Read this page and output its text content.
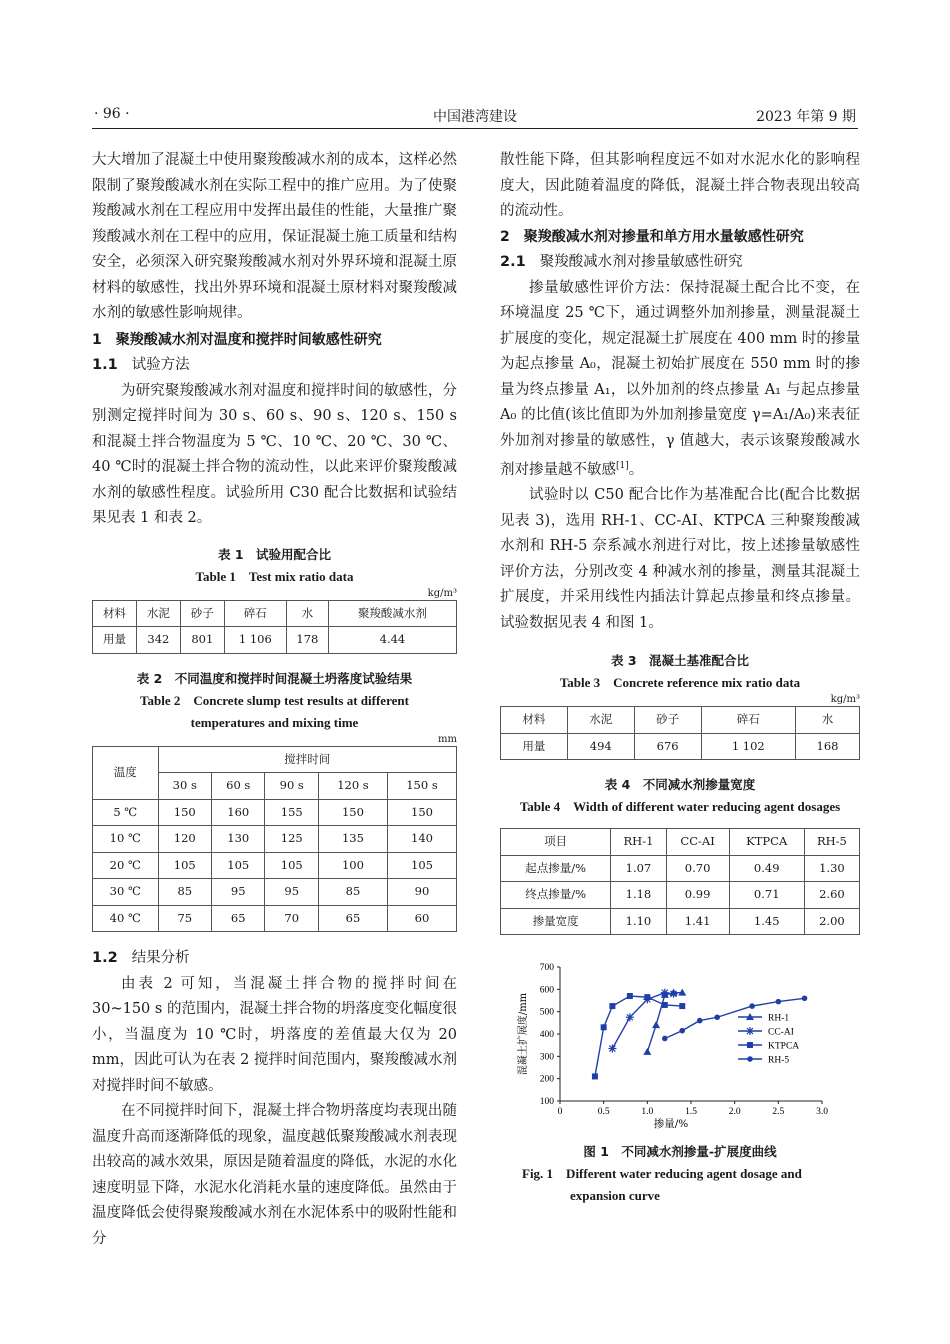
· 96 ·	中国港湾建设	2023 年第 9 期

大大增加了混凝土中使用聚羧酸减水剂的成本，这样必然限制了聚羧酸减水剂在实际工程中的推广应用。为了使聚羧酸减水剂在工程应用中发挥出最佳的性能，大量推广聚羧酸减水剂在工程中的应用，保证混凝土施工质量和结构安全，必须深入研究聚羧酸减水剂对外界环境和混凝土原材料的敏感性，找出外界环境和混凝土原材料对聚羧酸减水剂的敏感性影响规律。

1 聚羧酸减水剂对温度和搅拌时间敏感性研究
1.1 试验方法

为研究聚羧酸减水剂对温度和搅拌时间的敏感性，分别测定搅拌时间为 30 s、60 s、90 s、120 s、150 s 和混凝土拌合物温度为 5 ℃、10 ℃、20 ℃、30 ℃、40 ℃时的混凝土拌合物的流动性，以此来评价聚羧酸减水剂的敏感性程度。试验所用 C30 配合比数据和试验结果见表 1 和表 2。

表 1　试验用配合比
Table 1　Test mix ratio data
kg/m³
材料	水泥	砂子	碎石	水	聚羧酸减水剂
用量	342	801	1 106	178	4.44
表 2　不同温度和搅拌时间混凝土坍落度试验结果
Table 2　Concrete slump test results at different
temperatures and mixing time
mm
温度	搅拌时间				
	30 s	60 s	90 s	120 s	150 s
5 ℃	150	160	155	150	150
10 ℃	120	130	125	135	140
20 ℃	105	105	105	100	105
30 ℃	85	95	95	85	90
40 ℃	75	65	70	65	60
1.2 结果分析

由表 2 可知，当混凝土拌合物的搅拌时间在 30~150 s 的范围内，混凝土拌合物的坍落度变化幅度很小，当温度为 10 ℃时，坍落度的差值最大仅为 20 mm，因此可认为在表 2 搅拌时间范围内，聚羧酸减水剂对搅拌时间不敏感。

在不同搅拌时间下，混凝土拌合物坍落度均表现出随温度升高而逐渐降低的现象，温度越低聚羧酸减水剂表现出较高的减水效果，原因是随着温度的降低，水泥的水化速度明显下降，水泥水化消耗水量的速度降低。虽然由于温度降低会使得聚羧酸减水剂在水泥体系中的吸附性能和分

散性能下降，但其影响程度远不如对水泥水化的影响程度大，因此随着温度的降低，混凝土拌合物表现出较高的流动性。

2 聚羧酸减水剂对掺量和单方用水量敏感性研究
2.1 聚羧酸减水剂对掺量敏感性研究

掺量敏感性评价方法：保持混凝土配合比不变，在环境温度 25 ℃下，通过调整外加剂掺量，测量混凝土扩展度的变化，规定混凝土扩展度在 400 mm 时的掺量为起点掺量 A₀，混凝土初始扩展度在 550 mm 时的掺量为终点掺量 A₁，以外加剂的终点掺量 A₁ 与起点掺量 A₀ 的比值(该比值即为外加剂掺量宽度 γ=A₁/A₀)来表征外加剂对掺量的敏感性，γ 值越大，表示该聚羧酸减水剂对掺量越不敏感[1]。

试验时以 C50 配合比作为基准配合比(配合比数据见表 3)，选用 RH-1、CC-AI、KTPCA 三种聚羧酸减水剂和 RH-5 奈系减水剂进行对比，按上述掺量敏感性评价方法，分别改变 4 种减水剂的掺量，测量其混凝土扩展度，并采用线性内插法计算起点掺量和终点掺量。试验数据见表 4 和图 1。

表 3　混凝土基准配合比
Table 3　Concrete reference mix ratio data
kg/m³
材料	水泥	砂子	碎石	水
用量	494	676	1 102	168
表 4　不同减水剂掺量宽度
Table 4　Width of different water reducing agent dosages
项目	RH-1	CC-AI	KTPCA	RH-5
起点掺量/%	1.07	0.70	0.49	1.30
终点掺量/%	1.18	0.99	0.71	2.60
掺量宽度	1.10	1.41	1.45	2.00
0	0.5	1.0	1.5	2.0	2.5	3.0
100
200
300
400
500
600
700
掺量/%
混凝土扩展度/mm	RH-1
CC-AI
KTPCA
RH-5
图 1　不同减水剂掺量-扩展度曲线
Fig. 1　Different water reducing agent dosage and
expansion curve
